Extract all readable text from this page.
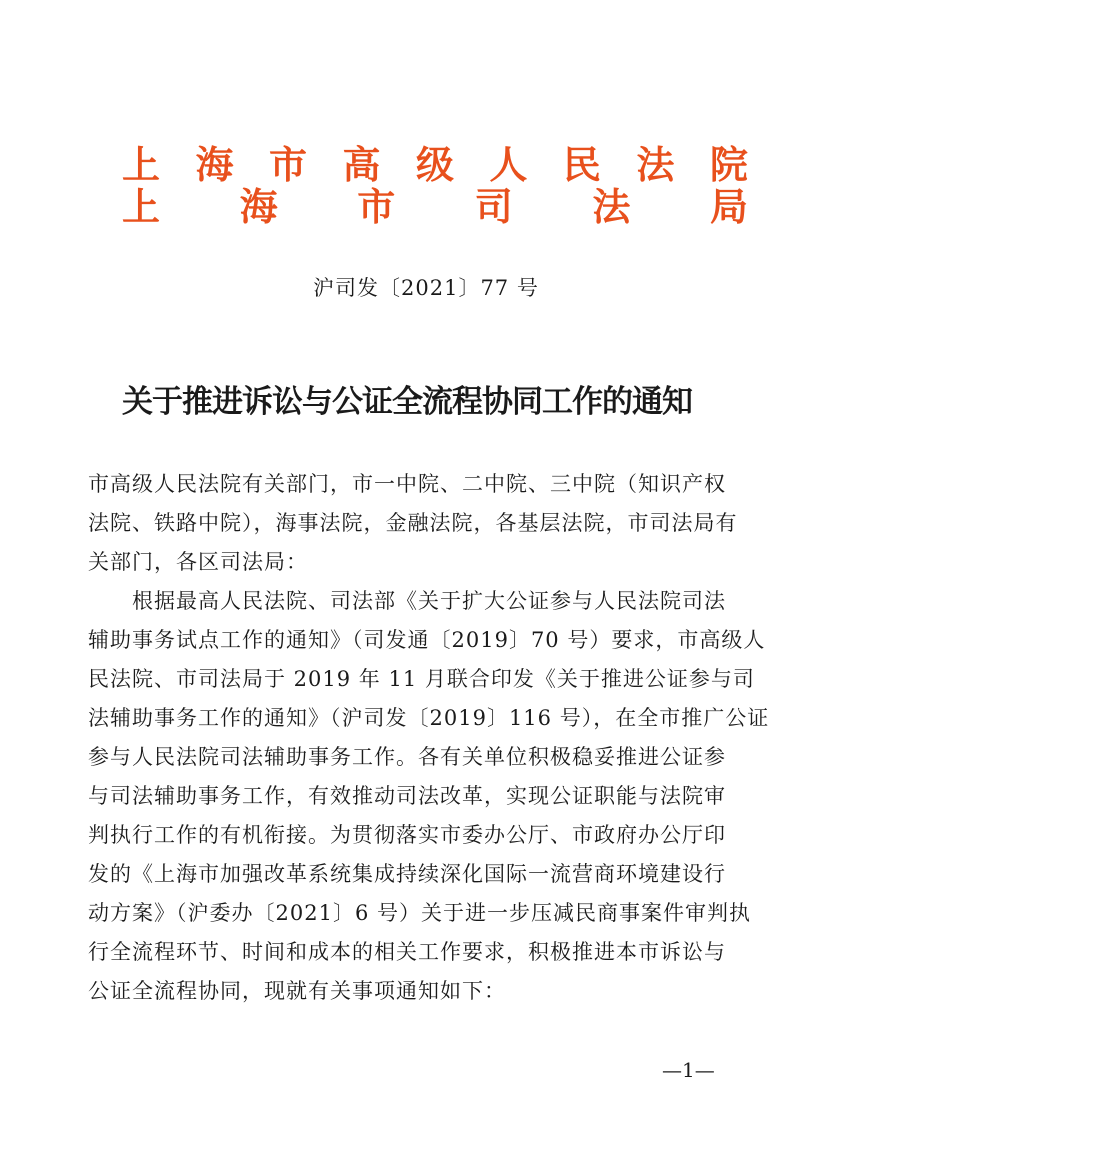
上 海 市 高 级 人 民 法 院
上 海 市 司 法 局
沪司发〔2021〕77 号
关于推进诉讼与公证全流程协同工作的通知
市高级人民法院有关部门，市一中院、二中院、三中院（知识产权
法院、铁路中院），海事法院，金融法院，各基层法院，市司法局有
关部门，各区司法局：
　　根据最高人民法院、司法部《关于扩大公证参与人民法院司法
辅助事务试点工作的通知》（司发通〔2019〕70 号）要求，市高级人
民法院、市司法局于 2019 年 11 月联合印发《关于推进公证参与司
法辅助事务工作的通知》（沪司发〔2019〕116 号），在全市推广公证
参与人民法院司法辅助事务工作。各有关单位积极稳妥推进公证参
与司法辅助事务工作，有效推动司法改革，实现公证职能与法院审
判执行工作的有机衔接。为贯彻落实市委办公厅、市政府办公厅印
发的《上海市加强改革系统集成持续深化国际一流营商环境建设行
动方案》（沪委办〔2021〕6 号）关于进一步压减民商事案件审判执
行全流程环节、时间和成本的相关工作要求，积极推进本市诉讼与
公证全流程协同，现就有关事项通知如下：
—1—
